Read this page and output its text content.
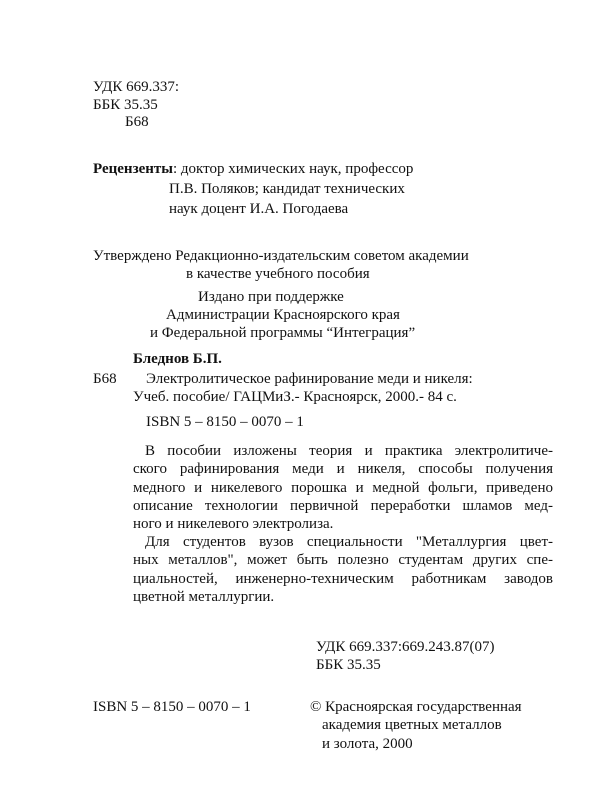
УДК 669.337:
ББК 35.35
Б68
Рецензенты: доктор химических наук, профессор
П.В. Поляков; кандидат технических
наук доцент И.А. Погодаева
Утверждено Редакционно-издательским советом академии
в качестве учебного пособия
Издано при поддержке
Администрации Красноярского края
и Федеральной программы “Интеграция”
Бледнов Б.П.
Б68 Электролитическое рафинирование меди и никеля:
Учеб. пособие/ ГАЦМиЗ.- Красноярск, 2000.- 84 с.
ISBN 5 – 8150 – 0070 – 1
В пособии изложены теория и практика электролитиче-
ского рафинирования меди и никеля, способы получения
медного и никелевого порошка и медной фольги, приведено
описание технологии первичной переработки шламов мед-
ного и никелевого электролиза.
Для студентов вузов специальности "Металлургия цвет-
ных металлов", может быть полезно студентам других спе-
циальностей, инженерно-техническим работникам заводов
цветной металлургии.
УДК 669.337:669.243.87(07)
ББК 35.35
ISBN 5 – 8150 – 0070 – 1	© Красноярская государственная
академия цветных металлов
и золота, 2000
